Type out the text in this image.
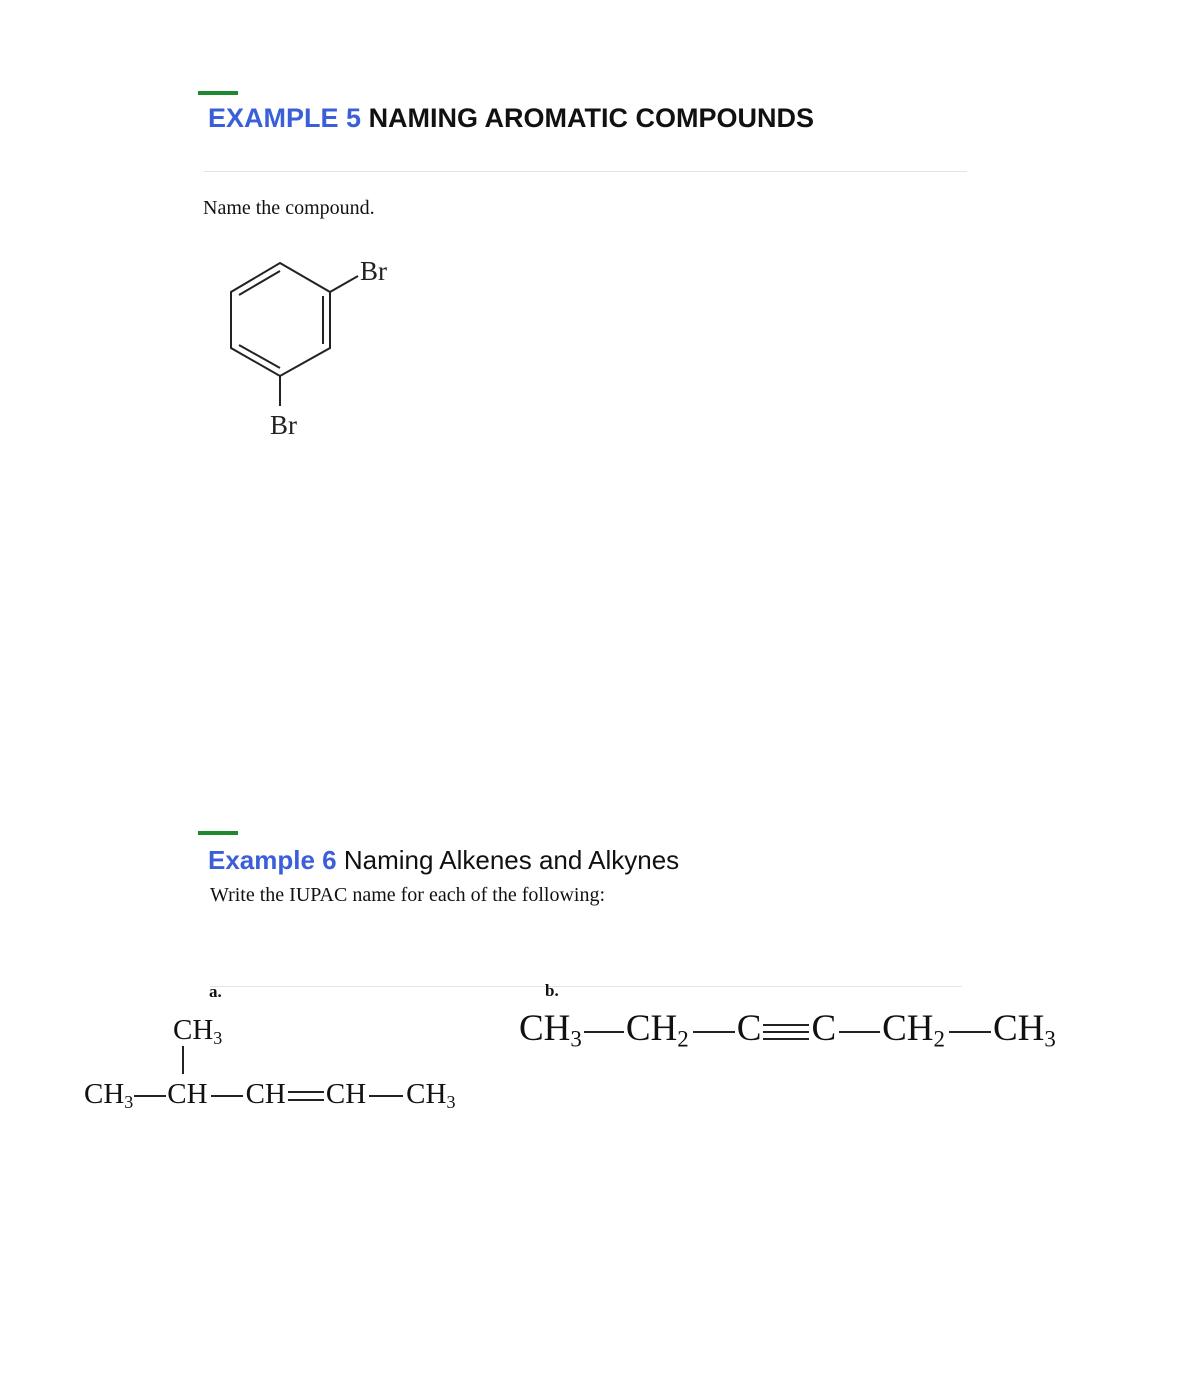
EXAMPLE 5 NAMING AROMATIC COMPOUNDS
Name the compound.
Br
Br
Example 6 Naming Alkenes and Alkynes
Write the IUPAC name for each of the following:
a.	b.
$CH_3$
$CH_3$ CH CH CH $CH_3$
$CH_3$ $CH_2$ C C $CH_2$ $CH_3$
